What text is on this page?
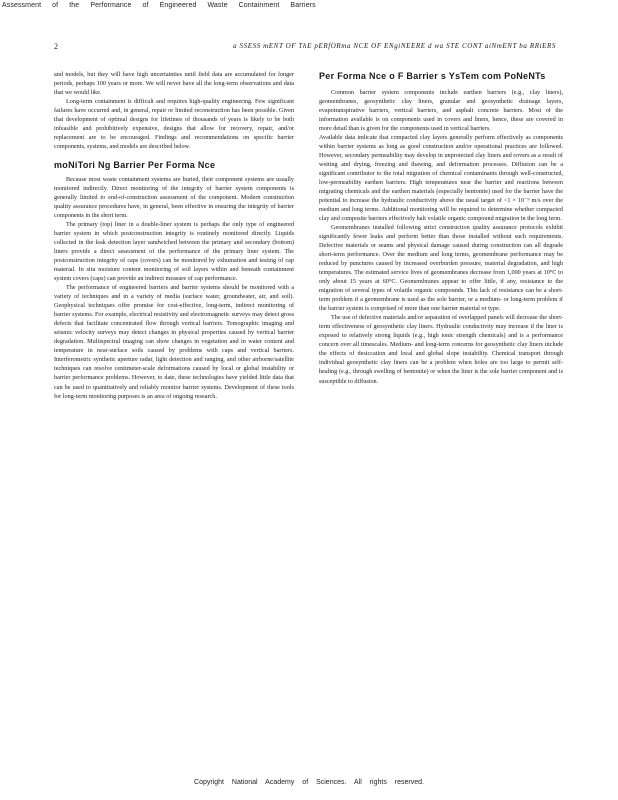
Assessment of the Performance of Engineered Waste Containment Barriers
2	a SSESS mENT OF ThE pERfORma NCE OF ENgiNEERE d wa STE CONT aiNmENT ba RRiERS

and models, but they will have high uncertainties until field data are accumulated for longer periods, perhaps 100 years or more. We will never have all the long-term observations and data that we would like.

Long-term containment is difficult and requires high-quality engineering. Few significant failures have occurred and, in general, repair or limited reconstruction has been possible. Given that development of optimal designs for lifetimes of thousands of years is likely to be both infeasible and prohibitively expensive, designs that allow for recovery, repair, and/or replacement are to be encouraged. Findings and recommendations on specific barrier components, systems, and models are described below.

moNiTori Ng Barrier Per Forma Nce

Because most waste containment systems are buried, their component systems are usually monitored indirectly. Direct monitoring of the integrity of barrier system components is generally limited to end-of-construction assessment of the component. Modern construction quality assurance procedures have, in general, been effective in ensuring the integrity of barrier components in the short term.

The primary (top) liner in a double-liner system is perhaps the only type of engineered barrier system in which postconstruction integrity is routinely monitored directly. Liquids collected in the leak detection layer sandwiched between the primary and secondary (bottom) liners provide a direct assessment of the performance of the primary liner system. The postconstruction integrity of caps (covers) can be monitored by exhumation and testing of cap material. In situ moisture content monitoring of soil layers within and beneath containment system covers (caps) can provide an indirect measure of cap performance.

The performance of engineered barriers and barrier systems should be monitored with a variety of techniques and in a variety of media (surface water, groundwater, air, and soil). Geophysical techniques offer promise for cost-effective, long-term, indirect monitoring of barrier systems. For example, electrical resistivity and electromagnetic surveys may detect gross defects that facilitate concentrated flow through vertical barriers. Tomographic imaging and seismic velocity surveys may detect changes in physical properties caused by vertical barrier degradation. Multispectral imaging can show changes in vegetation and in water content and temperature in near-surface soils caused by problems with caps and vertical barriers. Interferometric synthetic aperture radar, light detection and ranging, and other airborne/satellite techniques can resolve centimeter-scale deformations caused by local or global instability or barrier performance problems. However, to date, these technologies have yielded little data that can be used to quantitatively and reliably monitor barrier systems. Development of these tools for long-term monitoring purposes is an area of ongoing research.

Per Forma Nce o F Barrier s YsTem com PoNeNTs

Common barrier system components include earthen barriers (e.g., clay liners), geomembranes, geosynthetic clay liners, granular and geosynthetic drainage layers, evapotranspirative barriers, vertical barriers, and asphalt concrete barriers. Most of the information available is on components used in covers and liners, hence, these are covered in more detail than is given for the components used in vertical barriers.

Available data indicate that compacted clay layers generally perform effectively as components within barrier systems as long as good construction and/or operational practices are followed. However, secondary permeability may develop in unprotected clay liners and covers as a result of wetting and drying, freezing and thawing, and deformation processes. Diffusion can be a significant contributor to the total migration of chemical contaminants through well-constructed, low-permeability earthen barriers. High temperatures near the barrier and reactions between migrating chemicals and the earthen materials (especially bentonite) used for the barrier have the potential to increase the hydraulic conductivity above the usual target of <1 × 10⁻⁹ m/s over the medium and long terms. Additional monitoring will be required to determine whether compacted clay and composite barriers effectively halt volatile organic compound migration in the long term.

Geomembranes installed following strict construction quality assurance protocols exhibit significantly fewer leaks and perform better than those installed without such requirements. Defective materials or seams and physical damage caused during construction can all degrade short-term performance. Over the medium and long terms, geomembrane performance may be reduced by punctures caused by increased overburden pressure, material degradation, and high temperatures. The estimated service lives of geomembranes decrease from 1,000 years at 10°C to only about 15 years at 60°C. Geomembranes appear to offer little, if any, resistance to the migration of several types of volatile organic compounds. This lack of resistance can be a short-term problem if a geomembrane is used as the sole barrier, or a medium- or long-term problem if the barrier system is comprised of more than one barrier material or type.

The use of defective materials and/or separation of overlapped panels will decrease the short-term effectiveness of geosynthetic clay liners. Hydraulic conductivity may increase if the liner is exposed to relatively strong liquids (e.g., high ionic strength chemicals) and is a performance concern over all timescales. Medium- and long-term concerns for geosynthetic clay liners include the effects of desiccation and local and global slope instability. Chemical transport through individual geosynthetic clay liners can be a problem when holes are too large to permit self-healing (e.g., through swelling of bentonite) or when the liner is the sole barrier component and is susceptible to diffusion.

Copyright National Academy of Sciences. All rights reserved.
